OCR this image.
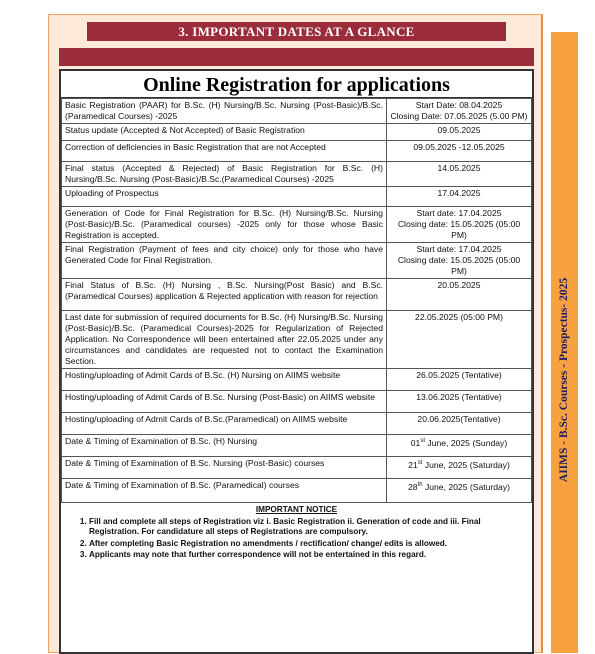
3. IMPORTANT DATES AT A GLANCE
Online Registration for applications
Basic Registration (PAAR) for B.Sc. (H) Nursing/B.Sc. Nursing (Post-Basic)/B.Sc. (Paramedical Courses) -2025	Start Date: 08.04.2025
Closing Date: 07.05.2025 (5.00 PM)

Status update (Accepted & Not Accepted) of Basic Registration	09.05.2025

Correction of deficiencies in Basic Registration that are not Accepted	09.05.2025 -12.05.2025

Final status (Accepted & Rejected) of Basic Registration for B.Sc. (H) Nursing/B.Sc. Nursing (Post-Basic)/B.Sc.(Paramedical Courses) -2025	14.05.2025

Uploading of Prospectus	17.04.2025

Generation of Code for Final Registration for B.Sc. (H) Nursing/B.Sc. Nursing (Post-Basic)/B.Sc. (Paramedical courses) -2025 only for those whose Basic Registration is accepted.	Start date: 17.04.2025
Closing date: 15.05.2025 (05:00 PM)

Final Registration (Payment of fees and city choice) only for those who have Generated Code for Final Registration.	Start date: 17.04.2025
Closing date: 15.05.2025 (05:00 PM)

Final Status of B.Sc. (H) Nursing , B.Sc. Nursing(Post Basic) and B.Sc. (Paramedical Courses) application & Rejected application with reason for rejection	20.05.2025

Last date for submission of required documents for B.Sc. (H) Nursing/B.Sc. Nursing (Post-Basic)/B.Sc. (Paramedical Courses)-2025 for Regularization of Rejected Application. No Correspondence will been entertained after 22.05.2025 under any circumstances and candidates are requested not to contact the Examination Section.	22.05.2025 (05:00 PM)

Hosting/uploading of Admit Cards of B.Sc. (H) Nursing on AIIMS website	26.05.2025 (Tentative)

Hosting/uploading of Admit Cards of B.Sc. Nursing (Post-Basic) on AIIMS website	13.06.2025 (Tentative)

Hosting/uploading of Admit Cards of B.Sc.(Paramedical) on AIIMS website	20.06.2025(Tentative)

Date & Timing of Examination of B.Sc. (H) Nursing	01st June, 2025 (Sunday)

Date & Timing of Examination of B.Sc. Nursing (Post-Basic) courses	21st June, 2025 (Saturday)

Date & Timing of Examination of B.Sc. (Paramedical) courses	28th June, 2025 (Saturday)
IMPORTANT NOTICE
1. Fill and complete all steps of Registration viz i. Basic Registration ii. Generation of code and iii. Final Registration. For candidature all steps of Registrations are compulsory.
2. After completing Basic Registration no amendments / rectification/ change/ edits is allowed.
3. Applicants may note that further correspondence will not be entertained in this regard.
AIIMS - B.Sc. Courses - Prospectus- 2025
